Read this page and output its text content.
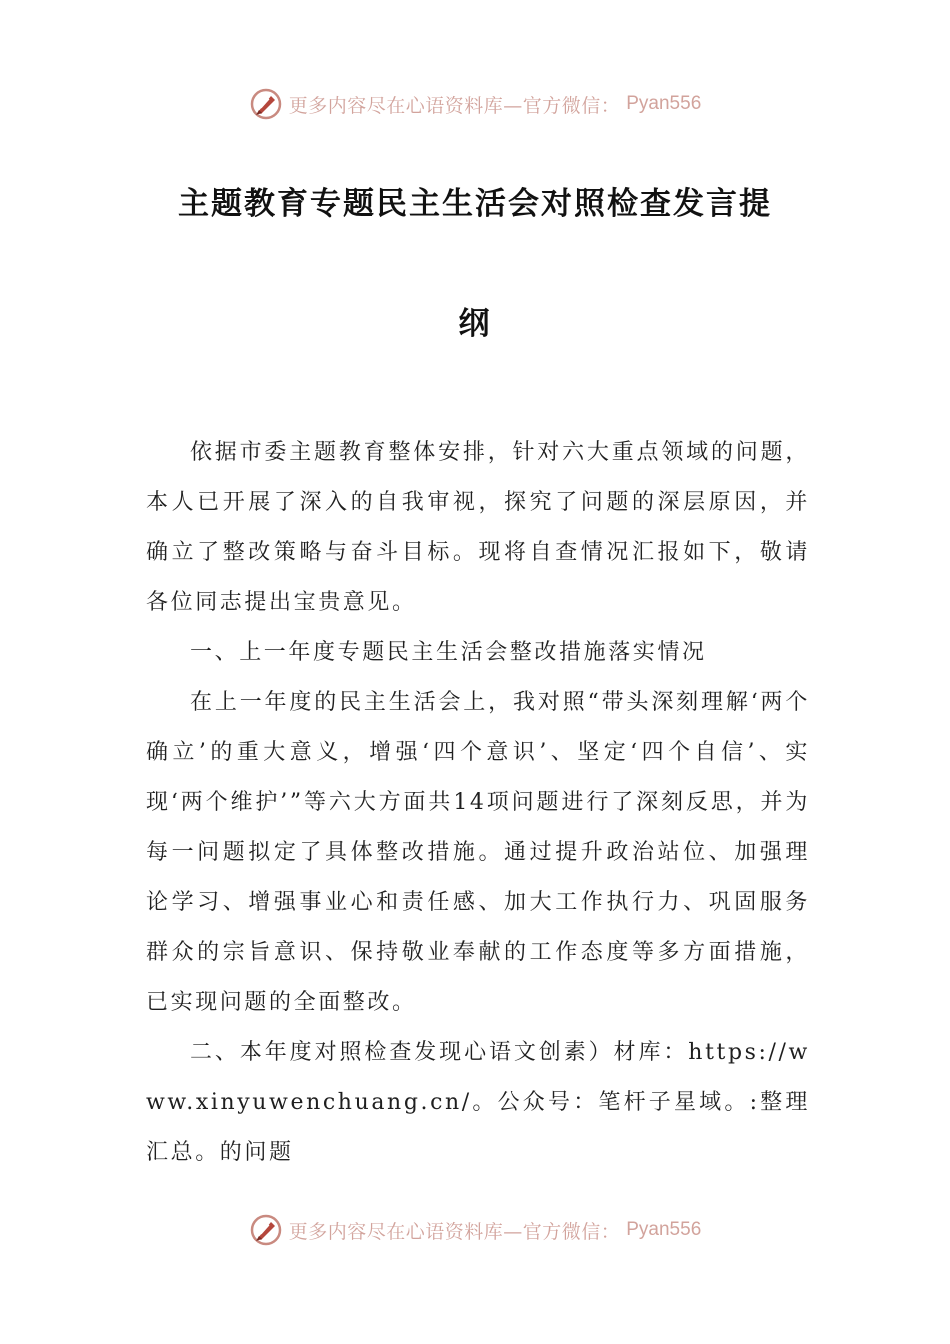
更多内容尽在心语资料库—官方微信： Pyan556
主题教育专题民主生活会对照检查发言提
纲

依据市委主题教育整体安排，针对六大重点领域的问题，本人已开展了深入的自我审视，探究了问题的深层原因，并确立了整改策略与奋斗目标。现将自查情况汇报如下，敬请各位同志提出宝贵意见。

一、上一年度专题民主生活会整改措施落实情况

在上一年度的民主生活会上，我对照“带头深刻理解‘两个确立’的重大意义，增强‘四个意识’、坚定‘四个自信’、实现‘两个维护’”等六大方面共14项问题进行了深刻反思，并为每一问题拟定了具体整改措施。通过提升政治站位、加强理论学习、增强事业心和责任感、加大工作执行力、巩固服务群众的宗旨意识、保持敬业奉献的工作态度等多方面措施，已实现问题的全面整改。

二、本年度对照检查发现心语文创素）材库：https://www.xinyuwenchuang.cn/。公众号：笔杆子星域。:整理汇总。的问题

更多内容尽在心语资料库—官方微信： Pyan556
